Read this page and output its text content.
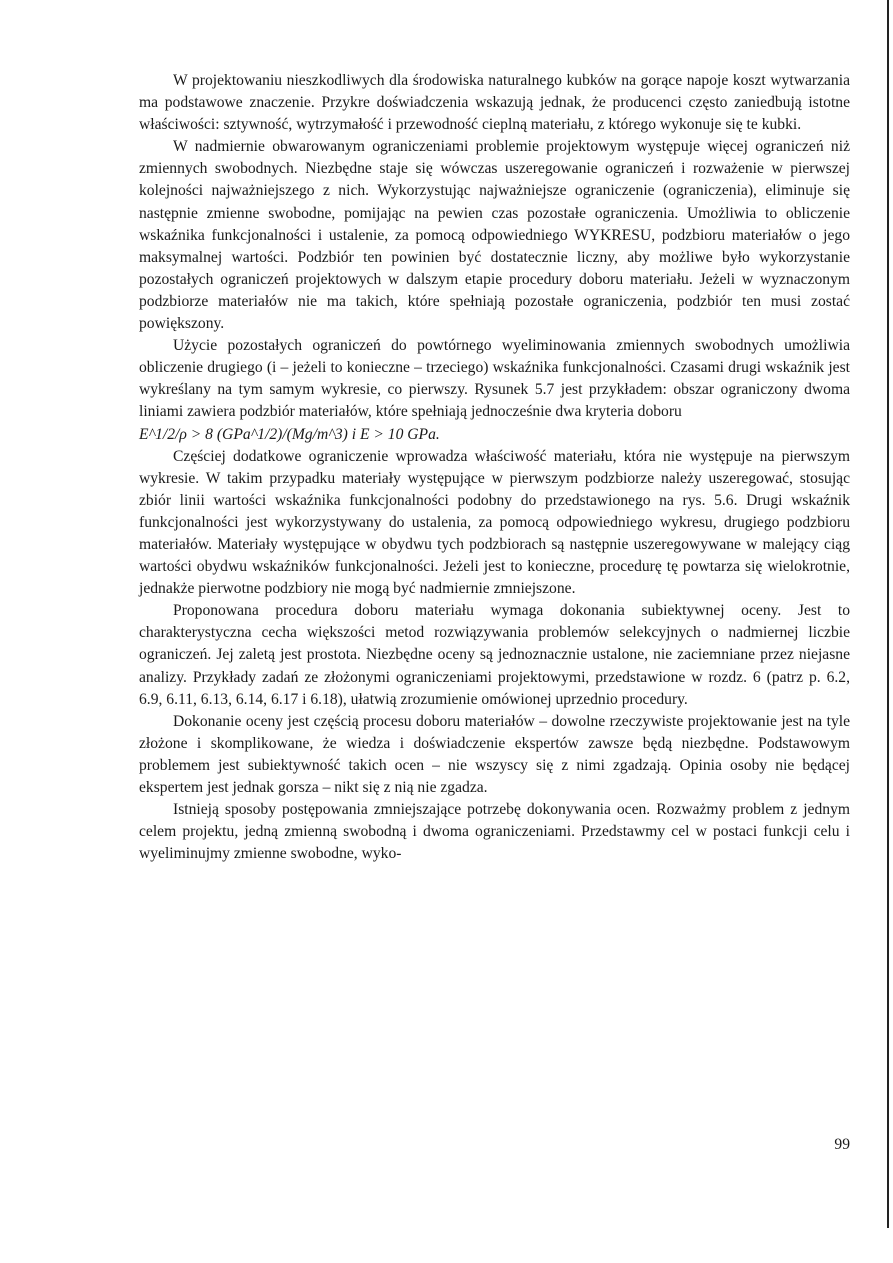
W projektowaniu nieszkodliwych dla środowiska naturalnego kubków na gorące napoje koszt wytwarzania ma podstawowe znaczenie. Przykre doświadczenia wskazują jednak, że producenci często zaniedbują istotne właściwości: sztywność, wytrzymałość i przewodność cieplną materiału, z którego wykonuje się te kubki.

W nadmiernie obwarowanym ograniczeniami problemie projektowym występuje więcej ograniczeń niż zmiennych swobodnych. Niezbędne staje się wówczas uszeregowanie ograniczeń i rozważenie w pierwszej kolejności najważniejszego z nich. Wykorzystując najważniejsze ograniczenie (ograniczenia), eliminuje się następnie zmienne swobodne, pomijając na pewien czas pozostałe ograniczenia. Umożliwia to obliczenie wskaźnika funkcjonalności i ustalenie, za pomocą odpowiedniego WYKRESU, podzbioru materiałów o jego maksymalnej wartości. Podzbiór ten powinien być dostatecznie liczny, aby możliwe było wykorzystanie pozostałych ograniczeń projektowych w dalszym etapie procedury doboru materiału. Jeżeli w wyznaczonym podzbiorze materiałów nie ma takich, które spełniają pozostałe ograniczenia, podzbiór ten musi zostać powiększony.

Użycie pozostałych ograniczeń do powtórnego wyeliminowania zmiennych swobodnych umożliwia obliczenie drugiego (i – jeżeli to konieczne – trzeciego) wskaźnika funkcjonalności. Czasami drugi wskaźnik jest wykreślany na tym samym wykresie, co pierwszy. Rysunek 5.7 jest przykładem: obszar ograniczony dwoma liniami zawiera podzbiór materiałów, które spełniają jednocześnie dwa kryteria doboru
E^1/2/ρ > 8 (GPa^1/2)/(Mg/m^3) i E > 10 GPa.

Częściej dodatkowe ograniczenie wprowadza właściwość materiału, która nie występuje na pierwszym wykresie. W takim przypadku materiały występujące w pierwszym podzbiorze należy uszeregować, stosując zbiór linii wartości wskaźnika funkcjonalności podobny do przedstawionego na rys. 5.6. Drugi wskaźnik funkcjonalności jest wykorzystywany do ustalenia, za pomocą odpowiedniego wykresu, drugiego podzbioru materiałów. Materiały występujące w obydwu tych podzbiorach są następnie uszeregowywane w malejący ciąg wartości obydwu wskaźników funkcjonalności. Jeżeli jest to konieczne, procedurę tę powtarza się wielokrotnie, jednakże pierwotne podzbiory nie mogą być nadmiernie zmniejszone.

Proponowana procedura doboru materiału wymaga dokonania subiektywnej oceny. Jest to charakterystyczna cecha większości metod rozwiązywania problemów selekcyjnych o nadmiernej liczbie ograniczeń. Jej zaletą jest prostota. Niezbędne oceny są jednoznacznie ustalone, nie zaciemniane przez niejasne analizy. Przykłady zadań ze złożonymi ograniczeniami projektowymi, przedstawione w rozdz. 6 (patrz p. 6.2, 6.9, 6.11, 6.13, 6.14, 6.17 i 6.18), ułatwią zrozumienie omówionej uprzednio procedury.

Dokonanie oceny jest częścią procesu doboru materiałów – dowolne rzeczywiste projektowanie jest na tyle złożone i skomplikowane, że wiedza i doświadczenie ekspertów zawsze będą niezbędne. Podstawowym problemem jest subiektywność takich ocen – nie wszyscy się z nimi zgadzają. Opinia osoby nie będącej ekspertem jest jednak gorsza – nikt się z nią nie zgadza.

Istnieją sposoby postępowania zmniejszające potrzebę dokonywania ocen. Rozważmy problem z jednym celem projektu, jedną zmienną swobodną i dwoma ograniczeniami. Przedstawmy cel w postaci funkcji celu i wyeliminujmy zmienne swobodne, wyko-

99
